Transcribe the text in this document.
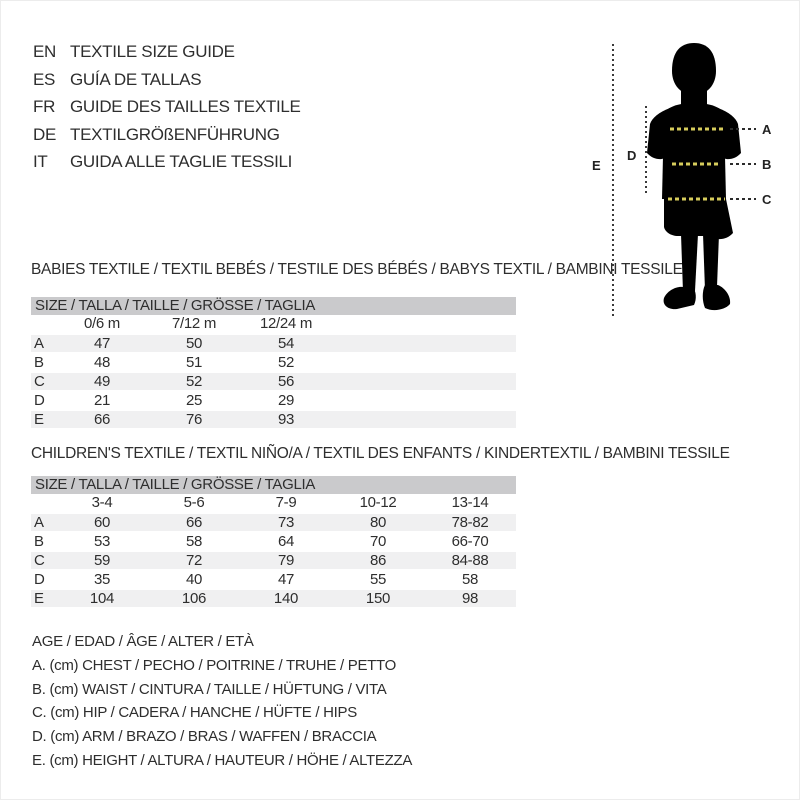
EN TEXTILE SIZE GUIDE
ES GUÍA DE TALLAS
FR GUIDE DES TAILLES TEXTILE
DE TEXTILGRÖßENFÜHRUNG
IT	GUIDA ALLE TAGLIE TESSILI
A
B
C
D
E
BABIES TEXTILE / TEXTIL BEBÉS / TESTILE DES BÉBÉS / BABYS TEXTIL / BAMBINI TESSILE
SIZE / TALLA / TAILLE / GRÖSSE / TAGLIA
	0/6 m	7/12 m	12/24 m	
A	47	50	54	
B	48	51	52	
C	49	52	56	
D	21	25	29	
E	66	76	93	
CHILDREN'S TEXTILE / TEXTIL NIÑO/A / TEXTIL DES ENFANTS / KINDERTEXTIL / BAMBINI TESSILE
SIZE / TALLA / TAILLE / GRÖSSE / TAGLIA
	3-4	5-6	7-9	10-12	13-14	
A	60	66	73	80	78-82	
B	53	58	64	70	66-70	
C	59	72	79	86	84-88	
D	35	40	47	55	58	
E	104	106	140	150	98	
AGE / EDAD / ÂGE / ALTER / ETÀ
A. (cm) CHEST / PECHO / POITRINE / TRUHE / PETTO
B. (cm) WAIST / CINTURA / TAILLE / HÜFTUNG / VITA
C. (cm) HIP / CADERA / HANCHE / HÜFTE / HIPS
D. (cm) ARM / BRAZO / BRAS / WAFFEN / BRACCIA
E. (cm) HEIGHT / ALTURA / HAUTEUR / HÖHE / ALTEZZA
